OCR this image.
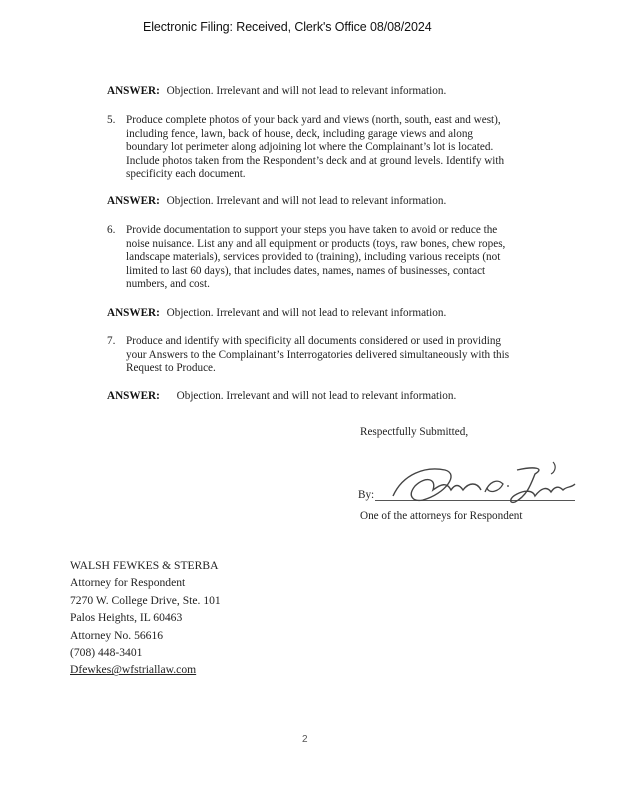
Electronic Filing: Received, Clerk's Office 08/08/2024
ANSWER: Objection. Irrelevant and will not lead to relevant information.
5. Produce complete photos of your back yard and views (north, south, east and west),
including fence, lawn, back of house, deck, including garage views and along
boundary lot perimeter along adjoining lot where the Complainant’s lot is located.
Include photos taken from the Respondent’s deck and at ground levels. Identify with
specificity each document.
ANSWER: Objection. Irrelevant and will not lead to relevant information.
6. Provide documentation to support your steps you have taken to avoid or reduce the
noise nuisance. List any and all equipment or products (toys, raw bones, chew ropes,
landscape materials), services provided to (training), including various receipts (not
limited to last 60 days), that includes dates, names, names of businesses, contact
numbers, and cost.
ANSWER: Objection. Irrelevant and will not lead to relevant information.
7. Produce and identify with specificity all documents considered or used in providing
your Answers to the Complainant’s Interrogatories delivered simultaneously with this
Request to Produce.
ANSWER: Objection. Irrelevant and will not lead to relevant information.
Respectfully Submitted,
By:
One of the attorneys for Respondent
WALSH FEWKES & STERBA
Attorney for Respondent
7270 W. College Drive, Ste. 101
Palos Heights, IL 60463
Attorney No. 56616
(708) 448-3401
Dfewkes@wfstriallaw.com
2
